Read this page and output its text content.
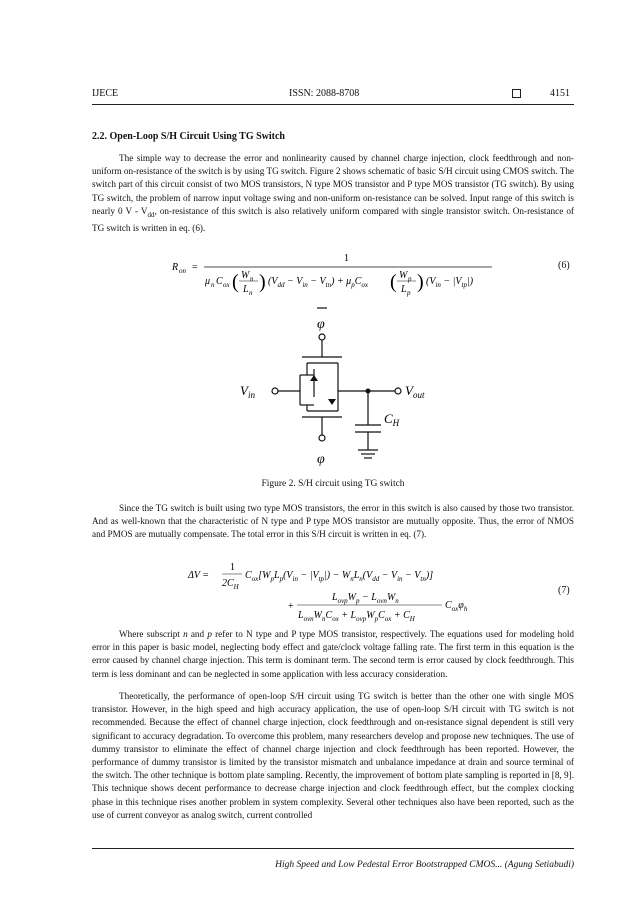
IJECE	ISSN: 2088-8708	4151
2.2. Open-Loop S/H Circuit Using TG Switch
The simple way to decrease the error and nonlinearity caused by channel charge injection, clock feedthrough and non-uniform on-resistance of the switch is by using TG switch. Figure 2 shows schematic of basic S/H circuit using CMOS switch. The switch part of this circuit consist of two MOS transistors, N type MOS transistor and P type MOS transistor (TG switch). By using TG switch, the problem of narrow input voltage swing and non-uniform on-resistance can be solved. Input range of this switch is nearly 0 V - $V_{dd}$, on-resistance of this switch is also relatively uniform compared with single transistor switch. On-resistance of TG switch is written in eq. (6).
R on =
1
μ n C ox ( W n
L n ) $(V_{dd} - V_{in} - V_{tn}) + \mu_pC_{ox}$ ( W p
L p ) $(V_{in} - |V_{tp}|)$
(6)
φ
φ
$V_{in}$	$V_{out}$
$C_H$
Figure 2. S/H circuit using TG switch
Since the TG switch is built using two type MOS transistors, the error in this switch is also caused by those two transistor. And as well-known that the characteristic of N type and P type MOS transistor are mutually opposite. Thus, the error of NMOS and PMOS are mutually compensate. The total error in this S/H circuit is written in eq. (7).
ΔV =
1
$2C_H$
$C_{ox}[W_pL_p(V_{in} - |V_{tp}|) - W_nL_n(V_{dd} - V_{in} - V_{tn})]$
+
$L_{ovp}W_p - L_{ovn}W_n$
$L_{ovn}W_nC_{ox} + L_{ovp}W_pC_{ox} + C_H$
$C_{ox}\varphi_h$
(7)
Where subscript n and p refer to N type and P type MOS transistor, respectively. The equations used for modeling hold error in this paper is basic model, neglecting body effect and gate/clock voltage falling rate. The first term in this equation is the error caused by channel charge injection. This term is dominant term. The second term is error caused by clock feedthrough. This term is less dominant and can be neglected in some application with less accuracy consideration.
Theoretically, the performance of open-loop S/H circuit using TG switch is better than the other one with single MOS transistor. However, in the high speed and high accuracy application, the use of open-loop S/H circuit with TG switch is not recommended. Because the effect of channel charge injection, clock feedthrough and on-resistance signal dependent is still very significant to accuracy degradation. To overcome this problem, many researchers develop and propose new techniques. The use of dummy transistor to eliminate the effect of channel charge injection and clock feedthrough has been reported. However, the performance of dummy transistor is limited by the transistor mismatch and unbalance impedance at drain and source terminal of the switch. The other technique is bottom plate sampling. Recently, the improvement of bottom plate sampling is reported in [8, 9]. This technique shows decent performance to decrease charge injection and clock feedthrough effect, but the complex clocking phase in this technique rises another problem in system complexity. Several other techniques also have been reported, such as the use of current conveyor as analog switch, current controlled
High Speed and Low Pedestal Error Bootstrapped CMOS... (Agung Setiabudi)
